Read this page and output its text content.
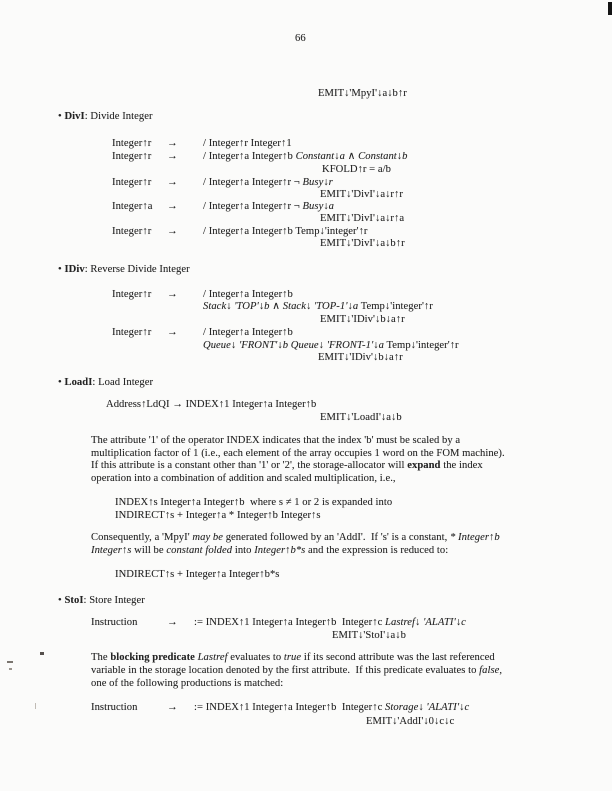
66
EMIT↓'MpyI'↓a↓b↑r
• DivI: Divide Integer
Integer↑r → / Integer↑r Integer↑1
Integer↑r → / Integer↑a Integer↑b Constant↓a ∧ Constant↓b
KFOLD↑r = a/b
Integer↑r → / Integer↑a Integer↑r ¬ Busy↓r
EMIT↓'DivI'↓a↓r↑r
Integer↑a → / Integer↑a Integer↑r ¬ Busy↓a
EMIT↓'DivI'↓a↓r↑a
Integer↑r → / Integer↑a Integer↑b Temp↓'integer'↑r
EMIT↓'DivI'↓a↓b↑r
• IDiv: Reverse Divide Integer
Integer↑r → / Integer↑a Integer↑b
Stack↓ 'TOP'↓b ∧ Stack↓ 'TOP-1'↓a Temp↓'integer'↑r
EMIT↓'IDiv'↓b↓a↑r
Integer↑r → / Integer↑a Integer↑b
Queue↓ 'FRONT'↓b Queue↓ 'FRONT-1'↓a Temp↓'integer'↑r
EMIT↓'IDiv'↓b↓a↑r
• LoadI: Load Integer
Address↑LdQI → INDEX↑1 Integer↑a Integer↑b
EMIT↓'LoadI'↓a↓b
The attribute '1' of the operator INDEX indicates that the index 'b' must be scaled by a
multiplication factor of 1 (i.e., each element of the array occupies 1 word on the FOM machine).
If this attribute is a constant other than '1' or '2', the storage-allocator will expand the index
operation into a combination of addition and scaled multiplication, i.e.,
INDEX↑s Integer↑a Integer↑b  where s ≠ 1 or 2 is expanded into
INDIRECT↑s + Integer↑a * Integer↑b Integer↑s
Consequently, a 'MpyI' may be generated followed by an 'AddI'.  If 's' is a constant, * Integer↑b
Integer↑s will be constant folded into Integer↑b*s and the expression is reduced to:
INDIRECT↑s + Integer↑a Integer↑b*s
• StoI: Store Integer
Instruction	→ := INDEX↑1 Integer↑a Integer↑b  Integer↑c Lastref↓ 'ALATI'↓c
EMIT↓'StoI'↓a↓b
The blocking predicate Lastref evaluates to true if its second attribute was the last referenced
variable in the storage location denoted by the first attribute.  If this predicate evaluates to false,
one of the following productions is matched:
Instruction	→ := INDEX↑1 Integer↑a Integer↑b  Integer↑c Storage↓ 'ALATI'↓c
EMIT↓'AddI'↓0↓c↓c
